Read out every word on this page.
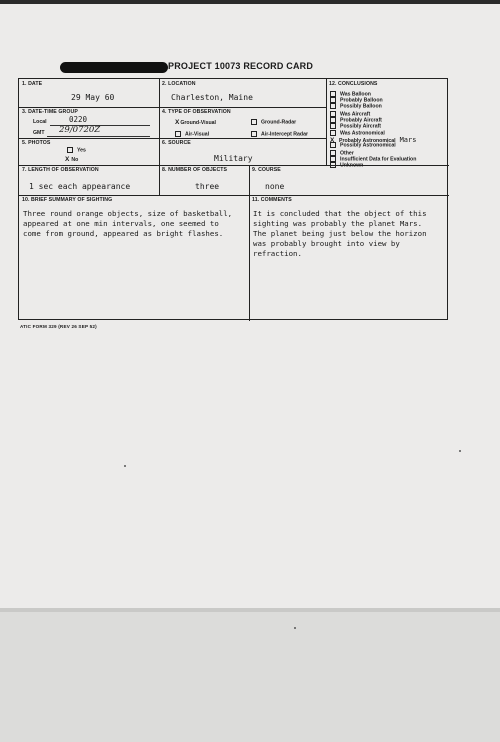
PROJECT 10073 RECORD CARD
1. DATE
29 May 60
2. LOCATION
Charleston, Maine
3. DATE-TIME GROUP
Local	0220
GMT 29/0720Z
4. TYPE OF OBSERVATION
XGround-Visual	Ground-Radar
Air-Visual	Air-Intercept Radar
5. PHOTOS
Yes
X No
6. SOURCE
Military
12. CONCLUSIONS
Was Balloon
Probably Balloon
Possibly Balloon
Was Aircraft
Probably Aircraft
Possibly Aircraft
Was Astronomical
X Probably Astronomical Mars
Possibly Astronomical
Other
Insufficient Data for Evaluation
Unknown
7. LENGTH OF OBSERVATION
1 sec each appearance
8. NUMBER OF OBJECTS
three
9. COURSE
none
10. BRIEF SUMMARY OF SIGHTING
Three round orange objects, size of basketball,
appeared at one min intervals, one seemed to
come from ground, appeared as bright flashes.
11. COMMENTS
It is concluded that the object of this
sighting was probably the planet Mars.
The planet being just below the horizon
was probably brought into view by
refraction.
ATIC FORM 329 (REV 26 SEP 52)
